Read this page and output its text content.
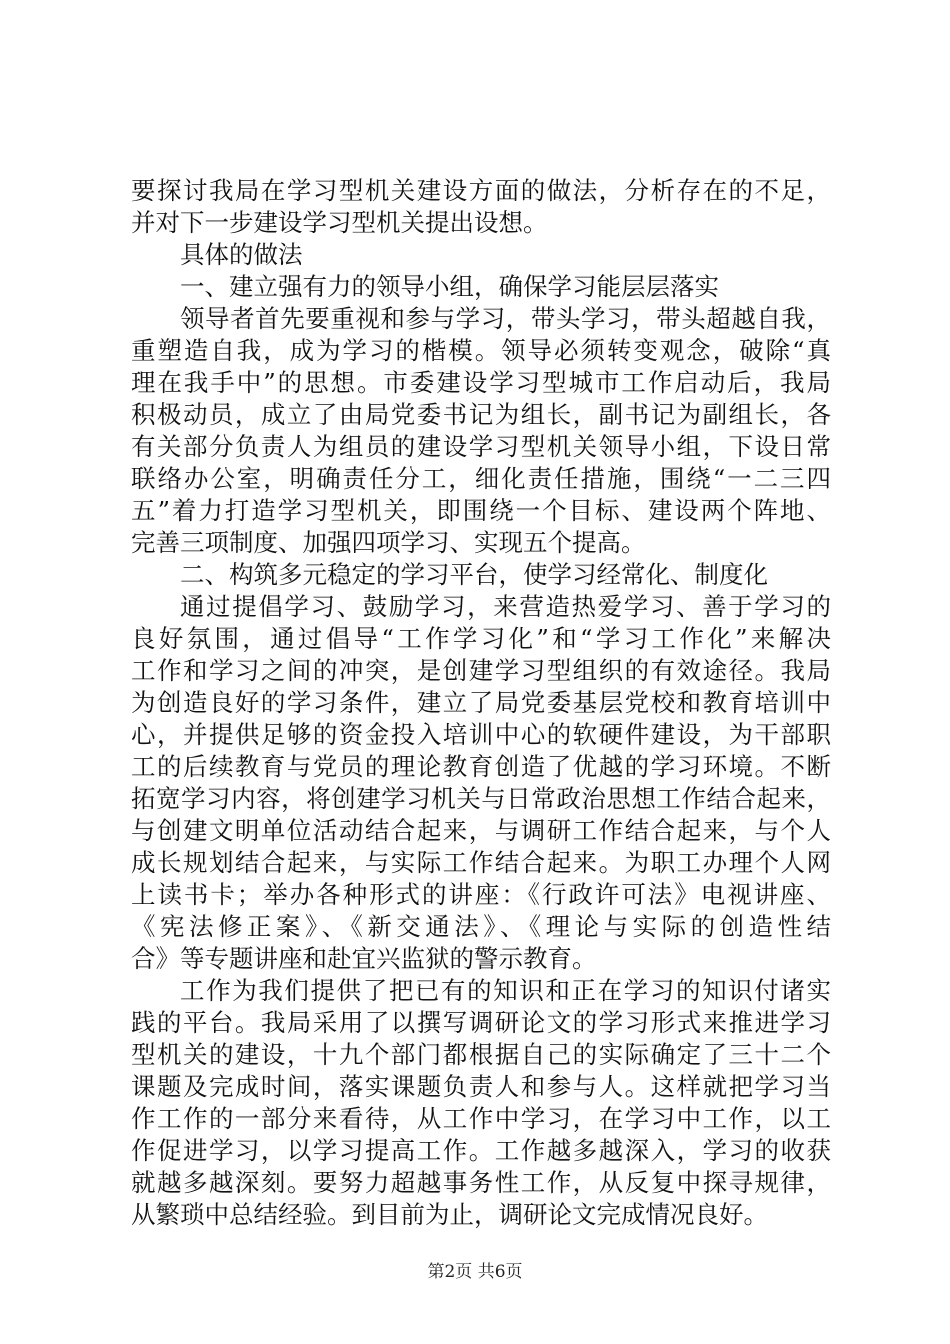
要探讨我局在学习型机关建设方面的做法，分析存在的不足，
并对下一步建设学习型机关提出设想。
具体的做法
一、建立强有力的领导小组，确保学习能层层落实
领导者首先要重视和参与学习，带头学习，带头超越自我，
重塑造自我，成为学习的楷模。领导必须转变观念，破除“真
理在我手中”的思想。市委建设学习型城市工作启动后，我局
积极动员，成立了由局党委书记为组长，副书记为副组长，各
有关部分负责人为组员的建设学习型机关领导小组，下设日常
联络办公室，明确责任分工，细化责任措施，围绕“一二三四
五”着力打造学习型机关，即围绕一个目标、建设两个阵地、
完善三项制度、加强四项学习、实现五个提高。
二、构筑多元稳定的学习平台，使学习经常化、制度化
通过提倡学习、鼓励学习，来营造热爱学习、善于学习的
良好氛围，通过倡导“工作学习化”和“学习工作化”来解决
工作和学习之间的冲突，是创建学习型组织的有效途径。我局
为创造良好的学习条件，建立了局党委基层党校和教育培训中
心，并提供足够的资金投入培训中心的软硬件建设，为干部职
工的后续教育与党员的理论教育创造了优越的学习环境。不断
拓宽学习内容，将创建学习机关与日常政治思想工作结合起来，
与创建文明单位活动结合起来，与调研工作结合起来，与个人
成长规划结合起来，与实际工作结合起来。为职工办理个人网
上读书卡；举办各种形式的讲座：《行政许可法》电视讲座、
《宪法修正案》、《新交通法》、《理论与实际的创造性结
合》等专题讲座和赴宜兴监狱的警示教育。
工作为我们提供了把已有的知识和正在学习的知识付诸实
践的平台。我局采用了以撰写调研论文的学习形式来推进学习
型机关的建设，十九个部门都根据自己的实际确定了三十二个
课题及完成时间，落实课题负责人和参与人。这样就把学习当
作工作的一部分来看待，从工作中学习，在学习中工作，以工
作促进学习，以学习提高工作。工作越多越深入，学习的收获
就越多越深刻。要努力超越事务性工作，从反复中探寻规律，
从繁琐中总结经验。到目前为止，调研论文完成情况良好。
第2页 共6页
